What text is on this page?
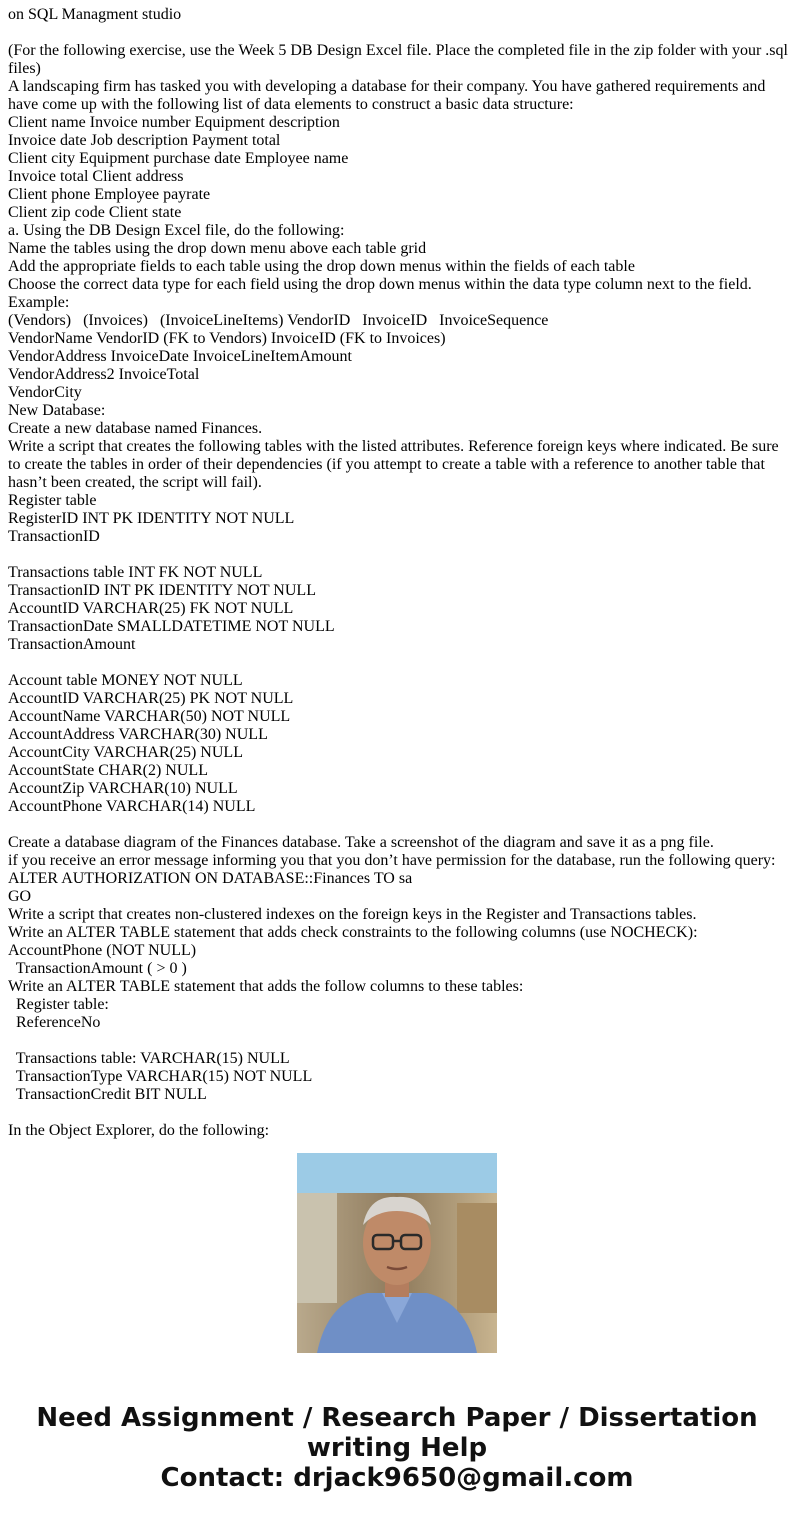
on SQL Managment studio
(For the following exercise, use the Week 5 DB Design Excel file. Place the completed file in the zip folder with your .sql files)
A landscaping firm has tasked you with developing a database for their company. You have gathered requirements and have come up with the following list of data elements to construct a basic data structure:
Client name Invoice number Equipment description
Invoice date Job description Payment total
Client city Equipment purchase date Employee name
Invoice total Client address
Client phone Employee payrate
Client zip code Client state
a. Using the DB Design Excel file, do the following:
Name the tables using the drop down menu above each table grid
Add the appropriate fields to each table using the drop down menus within the fields of each table
Choose the correct data type for each field using the drop down menus within the data type column next to the field.
Example:
(Vendors)   (Invoices)   (InvoiceLineItems) VendorID   InvoiceID   InvoiceSequence
VendorName VendorID (FK to Vendors) InvoiceID (FK to Invoices)
VendorAddress InvoiceDate InvoiceLineItemAmount
VendorAddress2 InvoiceTotal
VendorCity
New Database:
Create a new database named Finances.
Write a script that creates the following tables with the listed attributes. Reference foreign keys where indicated. Be sure to create the tables in order of their dependencies (if you attempt to create a table with a reference to another table that hasn’t been created, the script will fail).
Register table
RegisterID INT PK IDENTITY NOT NULL
TransactionID
Transactions table INT FK NOT NULL
TransactionID INT PK IDENTITY NOT NULL
AccountID VARCHAR(25) FK NOT NULL
TransactionDate SMALLDATETIME NOT NULL
TransactionAmount
Account table MONEY NOT NULL
AccountID VARCHAR(25) PK NOT NULL
AccountName VARCHAR(50) NOT NULL
AccountAddress VARCHAR(30) NULL
AccountCity VARCHAR(25) NULL
AccountState CHAR(2) NULL
AccountZip VARCHAR(10) NULL
AccountPhone VARCHAR(14) NULL
Create a database diagram of the Finances database. Take a screenshot of the diagram and save it as a png file.
if you receive an error message informing you that you don’t have permission for the database, run the following query:
ALTER AUTHORIZATION ON DATABASE::Finances TO sa
GO
Write a script that creates non-clustered indexes on the foreign keys in the Register and Transactions tables.
Write an ALTER TABLE statement that adds check constraints to the following columns (use NOCHECK):
AccountPhone (NOT NULL)
TransactionAmount ( > 0 )
Write an ALTER TABLE statement that adds the follow columns to these tables:
Register table:
ReferenceNo
Transactions table: VARCHAR(15) NULL
TransactionType VARCHAR(15) NOT NULL
TransactionCredit BIT NULL
In the Object Explorer, do the following:
Need Assignment / Research Paper / Dissertation
writing Help
Contact: drjack9650@gmail.com
